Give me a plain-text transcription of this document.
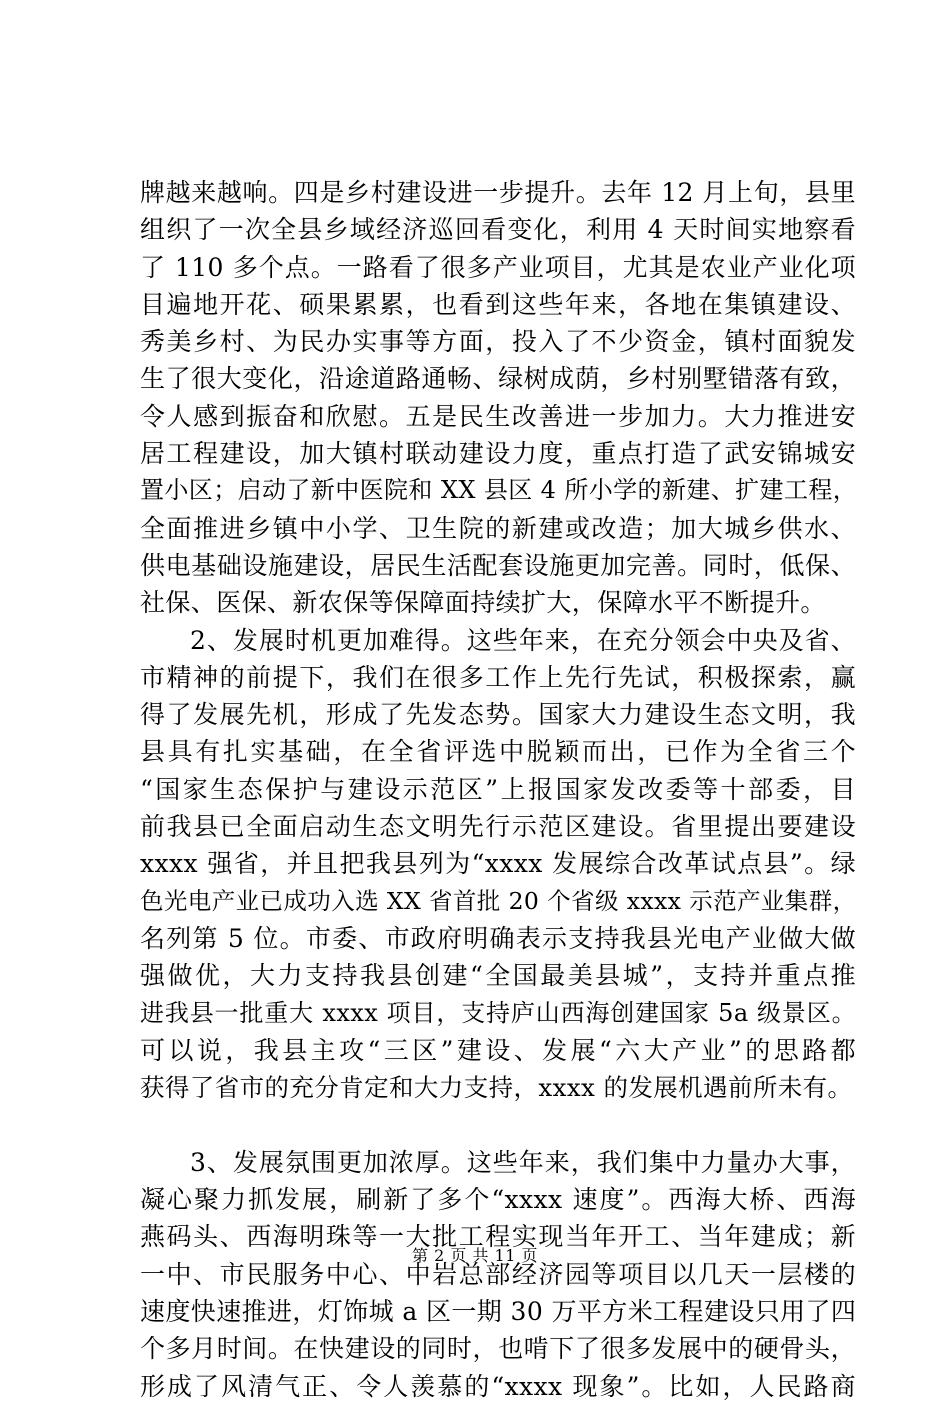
牌越来越响。四是乡村建设进一步提升。去年 12 月上旬，县里
组织了一次全县乡域经济巡回看变化，利用 4 天时间实地察看
了 110 多个点。一路看了很多产业项目，尤其是农业产业化项
目遍地开花、硕果累累，也看到这些年来，各地在集镇建设、
秀美乡村、为民办实事等方面，投入了不少资金，镇村面貌发
生了很大变化，沿途道路通畅、绿树成荫，乡村别墅错落有致，
令人感到振奋和欣慰。五是民生改善进一步加力。大力推进安
居工程建设，加大镇村联动建设力度，重点打造了武安锦城安
置小区；启动了新中医院和 XX 县区 4 所小学的新建、扩建工程，
全面推进乡镇中小学、卫生院的新建或改造；加大城乡供水、
供电基础设施建设，居民生活配套设施更加完善。同时，低保、
社保、医保、新农保等保障面持续扩大，保障水平不断提升。
2、发展时机更加难得。这些年来，在充分领会中央及省、
市精神的前提下，我们在很多工作上先行先试，积极探索，赢
得了发展先机，形成了先发态势。国家大力建设生态文明，我
县具有扎实基础，在全省评选中脱颖而出，已作为全省三个
“国家生态保护与建设示范区”上报国家发改委等十部委，目
前我县已全面启动生态文明先行示范区建设。省里提出要建设
xxxx 强省，并且把我县列为“xxxx 发展综合改革试点县”。绿
色光电产业已成功入选 XX 省首批 20 个省级 xxxx 示范产业集群，
名列第 5 位。市委、市政府明确表示支持我县光电产业做大做
强做优，大力支持我县创建“全国最美县城”，支持并重点推
进我县一批重大 xxxx 项目，支持庐山西海创建国家 5a 级景区。
可以说，我县主攻“三区”建设、发展“六大产业”的思路都
获得了省市的充分肯定和大力支持，xxxx 的发展机遇前所未有。
3、发展氛围更加浓厚。这些年来，我们集中力量办大事，
凝心聚力抓发展，刷新了多个“xxxx 速度”。西海大桥、西海
燕码头、西海明珠等一大批工程实现当年开工、当年建成；新
一中、市民服务中心、中岩总部经济园等项目以几天一层楼的
速度快速推进，灯饰城 a 区一期 30 万平方米工程建设只用了四
个多月时间。在快建设的同时，也啃下了很多发展中的硬骨头，
形成了风清气正、令人羡慕的“xxxx 现象”。比如，人民路商
第 2 页 共 11 页
